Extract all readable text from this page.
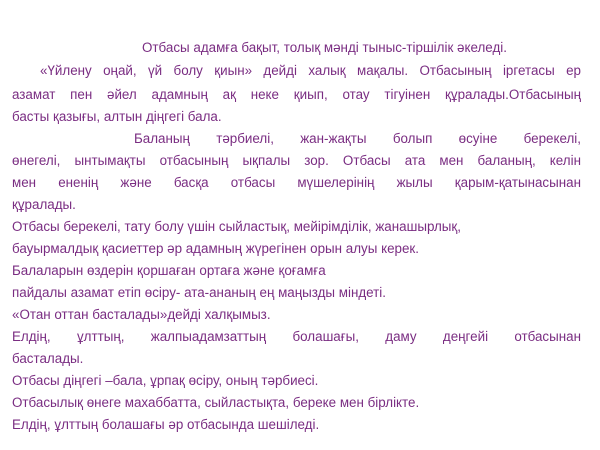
Отбасы адамға бақыт, толық мәнді тыныс-тіршілік әкеледі.

«Үйлену оңай, үй болу қиын» дейді халық мақалы. Отбасының іргетасы ер

азамат пен әйел адамның ақ неке қиып, отау тігуінен құралады.Отбасының

басты қазығы, алтын діңгегі бала.

Баланың тәрбиелі, жан-жақты болып өсуіне берекелі,

өнегелі, ынтымақты отбасының ықпалы зор. Отбасы ата мен баланың, келін

мен ененің және басқа отбасы мүшелерінің жылы қарым-қатынасынан

құралады.

Отбасы берекелі, тату болу үшін сыйластық, мейірімділік, жанашырлық,

бауырмалдық қасиеттер әр адамның жүрегінен орын алуы керек.

Балаларын өздерін қоршаған ортаға және қоғамға

пайдалы азамат етіп өсіру- ата-ананың ең маңызды міндеті.

«Отан оттан басталады»дейді халқымыз.

Елдің, ұлттың, жалпыадамзаттың болашағы, даму деңгейі отбасынан

басталады.

Отбасы діңгегі –бала, ұрпақ өсіру, оның тәрбиесі.

Отбасылық өнеге махаббатта, сыйластықта, береке мен бірлікте.

Елдің, ұлттың болашағы әр отбасында шешіледі.
